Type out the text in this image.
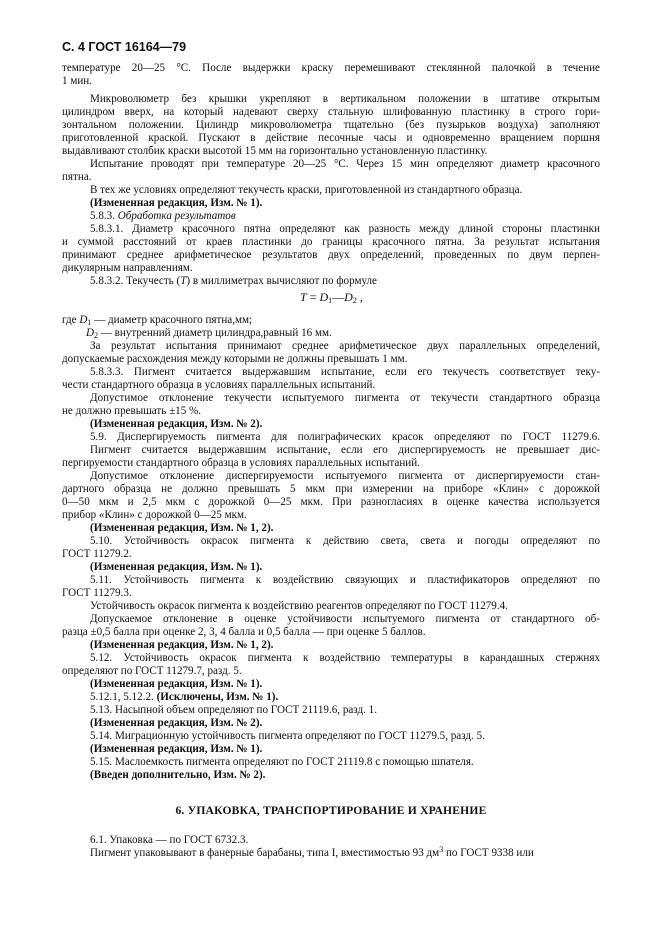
С. 4 ГОСТ 16164—79
температуре 20—25 °С. После выдержки краску перемешивают стеклянной палочкой в течение
1 мин.
Микроволюметр без крышки укрепляют в вертикальном положении в штативе открытым
цилиндром вверх, на который надевают сверху стальную шлифованную пластинку в строго гори-
зонтальном положении. Цилиндр микроволюметра тщательно (без пузырьков воздуха) заполняют
приготовленной краской. Пускают в действие песочные часы и одновременно вращением поршня
выдавливают столбик краски высотой 15 мм на горизонтально установленную пластинку.
Испытание проводят при температуре 20—25 °С. Через 15 мин определяют диаметр красочного
пятна.
В тех же условиях определяют текучесть краски, приготовленной из стандартного образца.
(Измененная редакция, Изм. № 1).
5.8.3. Обработка результатов
5.8.3.1. Диаметр красочного пятна определяют как разность между длиной стороны пластинки
и суммой расстояний от краев пластинки до границы красочного пятна. За результат испытания
принимают среднее арифметическое результатов двух определений, проведенных по двум перпен-
дикулярным направлениям.
5.8.3.2. Текучесть (T) в миллиметрах вычисляют по формуле
T = D1—D2 ,
где D1 — диаметр красочного пятна,мм;
D2 — внутренний диаметр цилиндра,равный 16 мм.
За результат испытания принимают среднее арифметическое двух параллельных определений,
допускаемые расхождения между которыми не должны превышать 1 мм.
5.8.3.3. Пигмент считается выдержавшим испытание, если его текучесть соответствует теку-
чести стандартного образца в условиях параллельных испытаний.
Допустимое отклонение текучести испытуемого пигмента от текучести стандартного образца
не должно превышать ±15 %.
(Измененная редакция, Изм. № 2).
5.9. Диспергируемость пигмента для полиграфических красок определяют по ГОСТ 11279.6.
Пигмент считается выдержавшим испытание, если его диспергируемость не превышает дис-
пергируемости стандартного образца в условиях параллельных испытаний.
Допустимое отклонение диспергируемости испытуемого пигмента от диспергируемости стан-
дартного образца не должно превышать 5 мкм при измерении на приборе «Клин» с дорожкой
0—50 мкм и 2,5 мкм с дорожкой 0—25 мкм. При разногласиях в оценке качества используется
прибор «Клин» с дорожкой 0—25 мкм.
(Измененная редакция, Изм. № 1, 2).
5.10. Устойчивость окрасок пигмента к действию света, света и погоды определяют по
ГОСТ 11279.2.
(Измененная редакция, Изм. № 1).
5.11. Устойчивость пигмента к воздействию связующих и пластификаторов определяют по
ГОСТ 11279.3.
Устойчивость окрасок пигмента к воздействию реагентов определяют по ГОСТ 11279.4.
Допускаемое отклонение в оценке устойчивости испытуемого пигмента от стандартного об-
разца ±0,5 балла при оценке 2, 3, 4 балла и 0,5 балла — при оценке 5 баллов.
(Измененная редакция, Изм. № 1, 2).
5.12. Устойчивость окрасок пигмента к воздействию температуры в карандашных стержнях
определяют по ГОСТ 11279.7, разд. 5.
(Измененная редакция, Изм. № 1).
5.12.1, 5.12.2. (Исключены, Изм. № 1).
5.13. Насыпной объем определяют по ГОСТ 21119.6, разд. 1.
(Измененная редакция, Изм. № 2).
5.14. Миграционную устойчивость пигмента определяют по ГОСТ 11279.5, разд. 5.
(Измененная редакция, Изм. № 1).
5.15. Маслоемкость пигмента определяют по ГОСТ 21119.8 с помощью шпателя.
(Введен дополнительно, Изм. № 2).
6. УПАКОВКА, ТРАНСПОРТИРОВАНИЕ И ХРАНЕНИЕ
6.1. Упаковка — по ГОСТ 6732.3.
Пигмент упаковывают в фанерные барабаны, типа I, вместимостью 93 $дм^3$ по ГОСТ 9338 или
